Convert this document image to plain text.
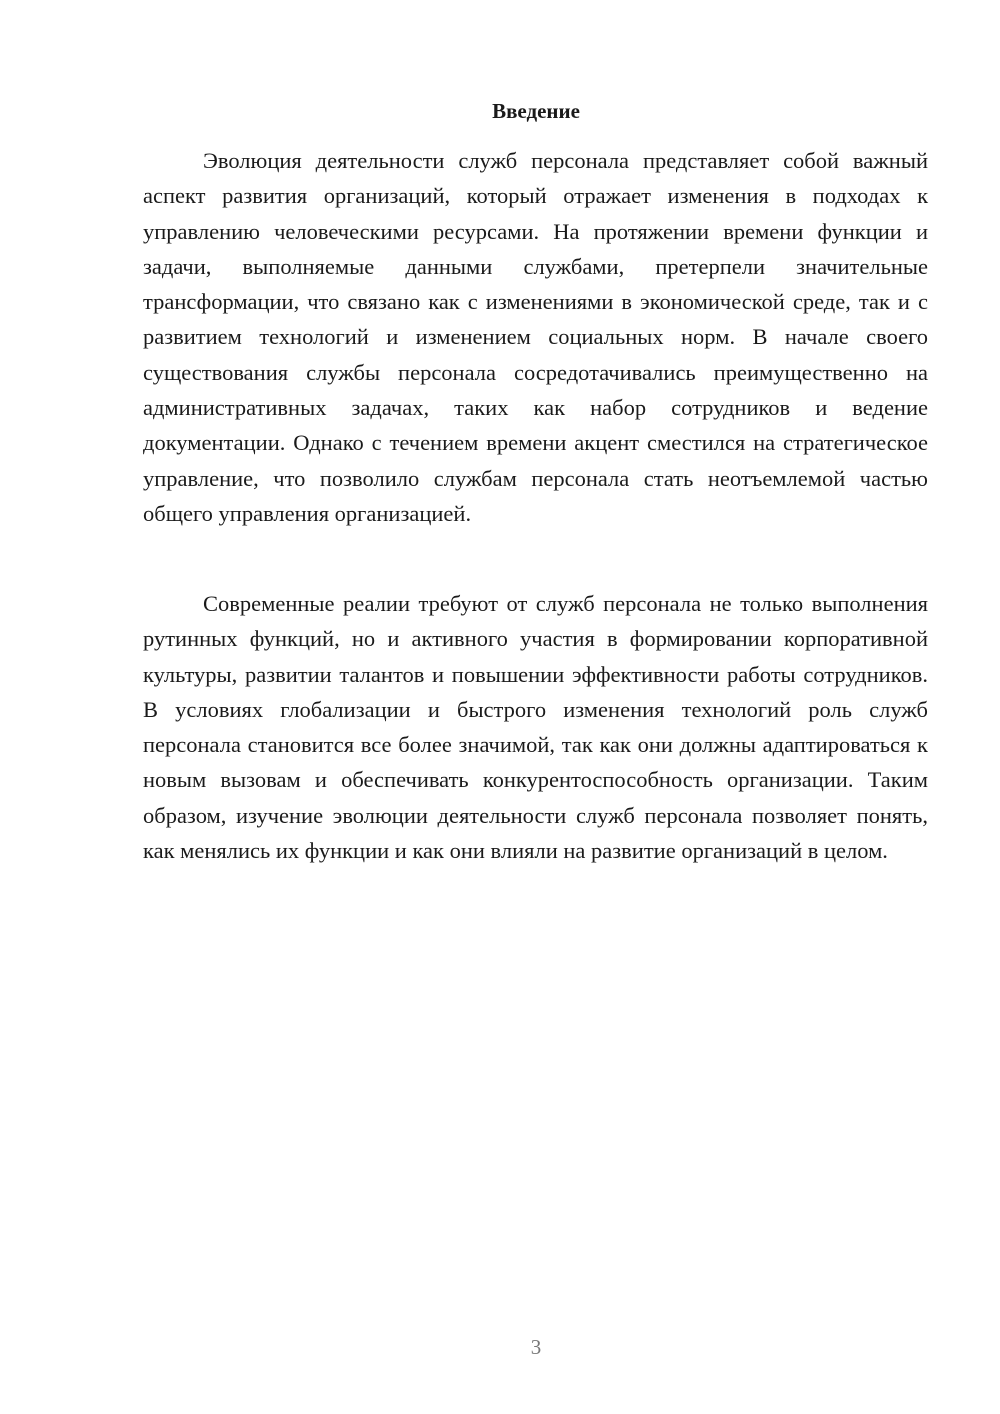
Введение

Эволюция деятельности служб персонала представляет собой важный аспект развития организаций, который отражает изменения в подходах к управлению человеческими ресурсами. На протяжении времени функции и задачи, выполняемые данными службами, претерпели значительные трансформации, что связано как с изменениями в экономической среде, так и с развитием технологий и изменением социальных норм. В начале своего существования службы персонала сосредотачивались преимущественно на административных задачах, таких как набор сотрудников и ведение документации. Однако с течением времени акцент сместился на стратегическое управление, что позволило службам персонала стать неотъемлемой частью общего управления организацией.

Современные реалии требуют от служб персонала не только выполнения рутинных функций, но и активного участия в формировании корпоративной культуры, развитии талантов и повышении эффективности работы сотрудников. В условиях глобализации и быстрого изменения технологий роль служб персонала становится все более значимой, так как они должны адаптироваться к новым вызовам и обеспечивать конкурентоспособность организации. Таким образом, изучение эволюции деятельности служб персонала позволяет понять, как менялись их функции и как они влияли на развитие организаций в целом.

3
